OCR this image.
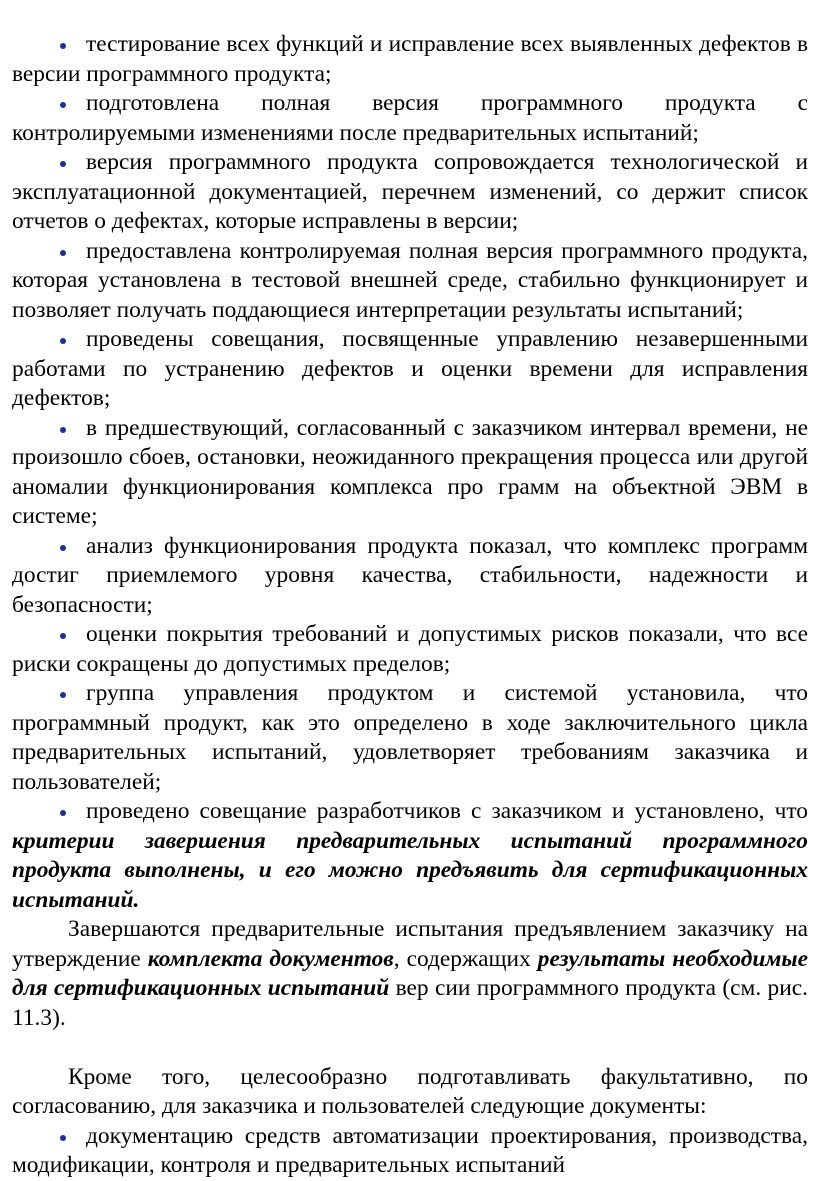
тестирование всех функций и исправление всех выявленных дефектов в версии программного продукта;

подготовлена полная версия программного продукта с контролируемыми изменениями после предварительных испытаний;

версия программного продукта сопровождается технологической и эксплуатационной документацией, перечнем изменений, со держит список отчетов о дефектах, которые исправлены в версии;

предоставлена контролируемая полная версия программного продукта, которая установлена в тестовой внешней среде, стабильно функционирует и позволяет получать поддающиеся интерпретации результаты испытаний;

проведены совещания, посвященные управлению незавершенными работами по устранению дефектов и оценки времени для исправления дефектов;

в предшествующий, согласованный с заказчиком интервал времени, не произошло сбоев, остановки, неожиданного прекращения процесса или другой аномалии функционирования комплекса про грамм на объектной ЭВМ в системе;

анализ функционирования продукта показал, что комплекс программ достиг приемлемого уровня качества, стабильности, надежности и безопасности;

оценки покрытия требований и допустимых рисков показали, что все риски сокращены до допустимых пределов;

группа управления продуктом и системой установила, что программный продукт, как это определено в ходе заключительного цикла предварительных испытаний, удовлетворяет требованиям заказчика и пользователей;

проведено совещание разработчиков с заказчиком и установлено, что критерии завершения предварительных испытаний программного продукта выполнены, и его можно предъявить для сертификационных испытаний.

Завершаются предварительные испытания предъявлением заказчику на утверждение комплекта документов, содержащих результаты необходимые для сертификационных испытаний вер сии программного продукта (см. рис. 11.3).

Кроме того, целесообразно подготавливать факультативно, по согласованию, для заказчика и пользователей следующие документы:

документацию средств автоматизации проектирования, производства, модификации, контроля и предварительных испытаний
